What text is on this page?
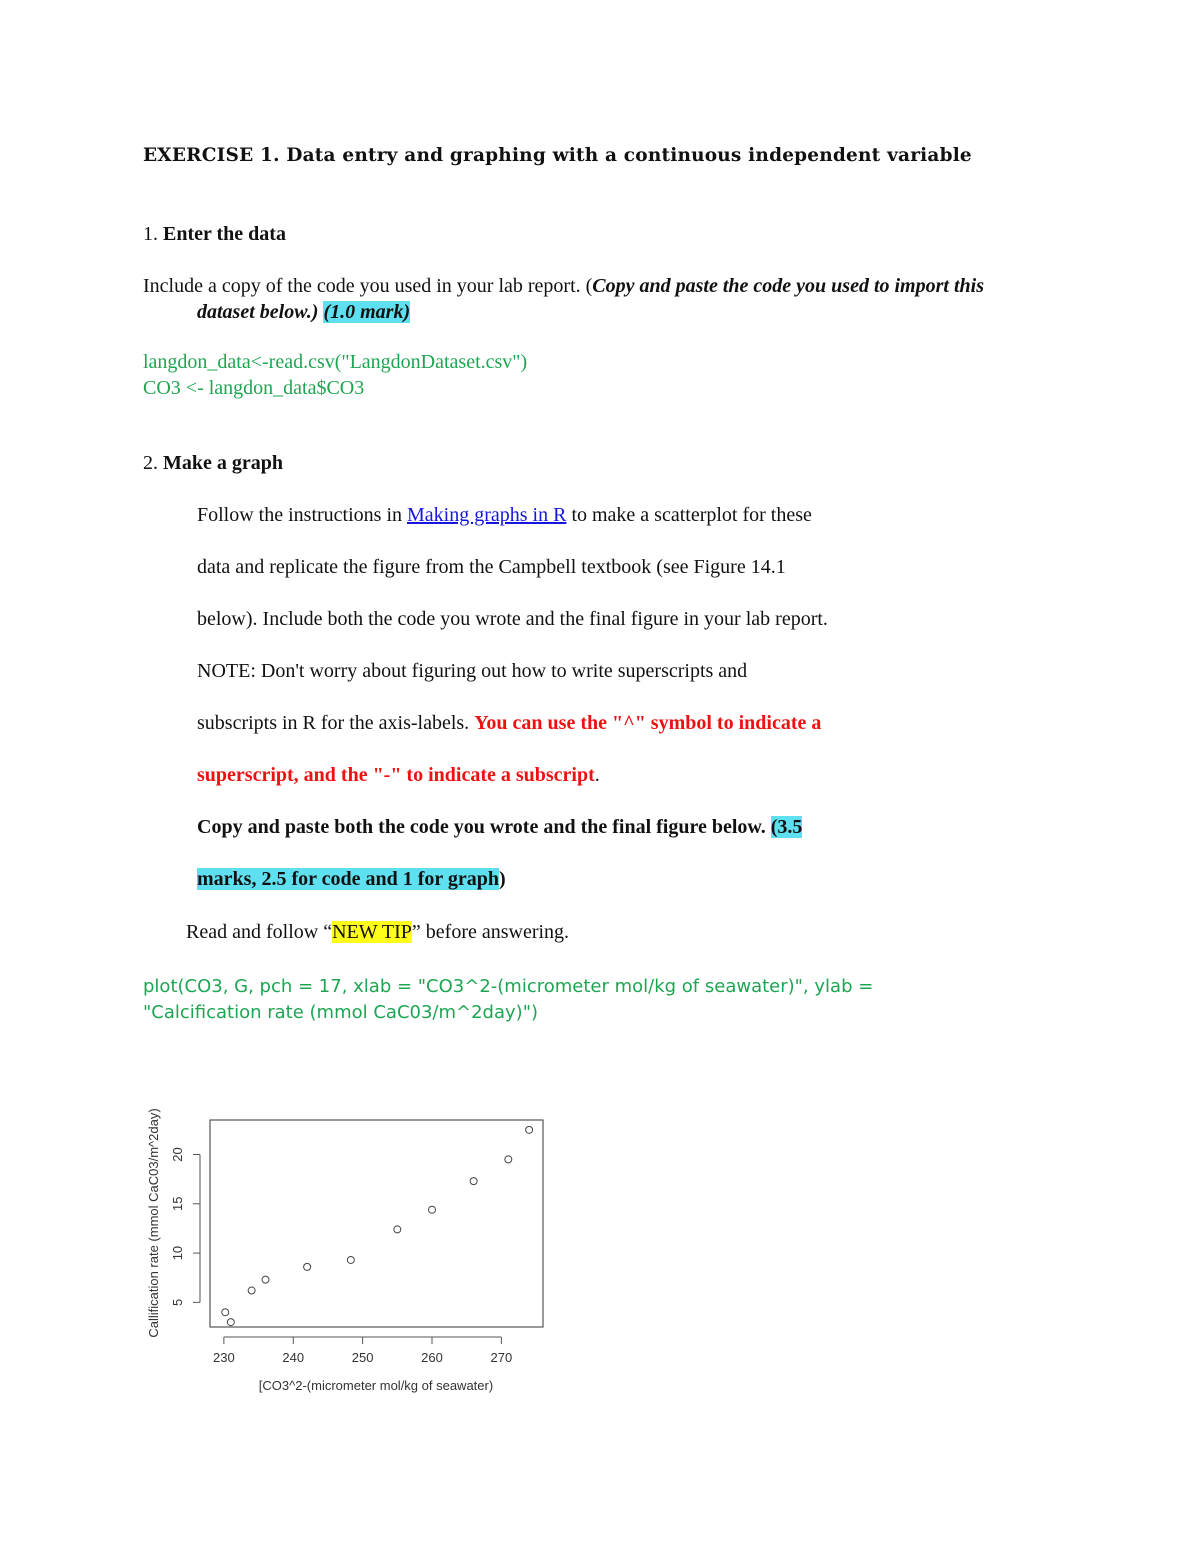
EXERCISE 1. Data entry and graphing with a continuous independent variable
1. Enter the data
Include a copy of the code you used in your lab report. (Copy and paste the code you used to import this
dataset below.) (1.0 mark)
langdon_data<-read.csv("LangdonDataset.csv")
CO3 <- langdon_data$CO3
2. Make a graph
Follow the instructions in Making graphs in R to make a scatterplot for these
data and replicate the figure from the Campbell textbook (see Figure 14.1
below). Include both the code you wrote and the final figure in your lab report.
NOTE: Don't worry about figuring out how to write superscripts and
subscripts in R for the axis-labels. You can use the "^" symbol to indicate a
superscript, and the "-" to indicate a subscript.
Copy and paste both the code you wrote and the final figure below. (3.5
marks, 2.5 for code and 1 for graph)
Read and follow “NEW TIP” before answering.
plot(CO3, G, pch = 17, xlab = "CO3^2-(micrometer mol/kg of seawater)", ylab =
"Calcification rate (mmol CaC03/m^2day)")
230	240	250	260	270
5
10
15
20
[CO3^2-(micrometer mol/kg of seawater)
Callification rate (mmol CaC03/m^2day)
